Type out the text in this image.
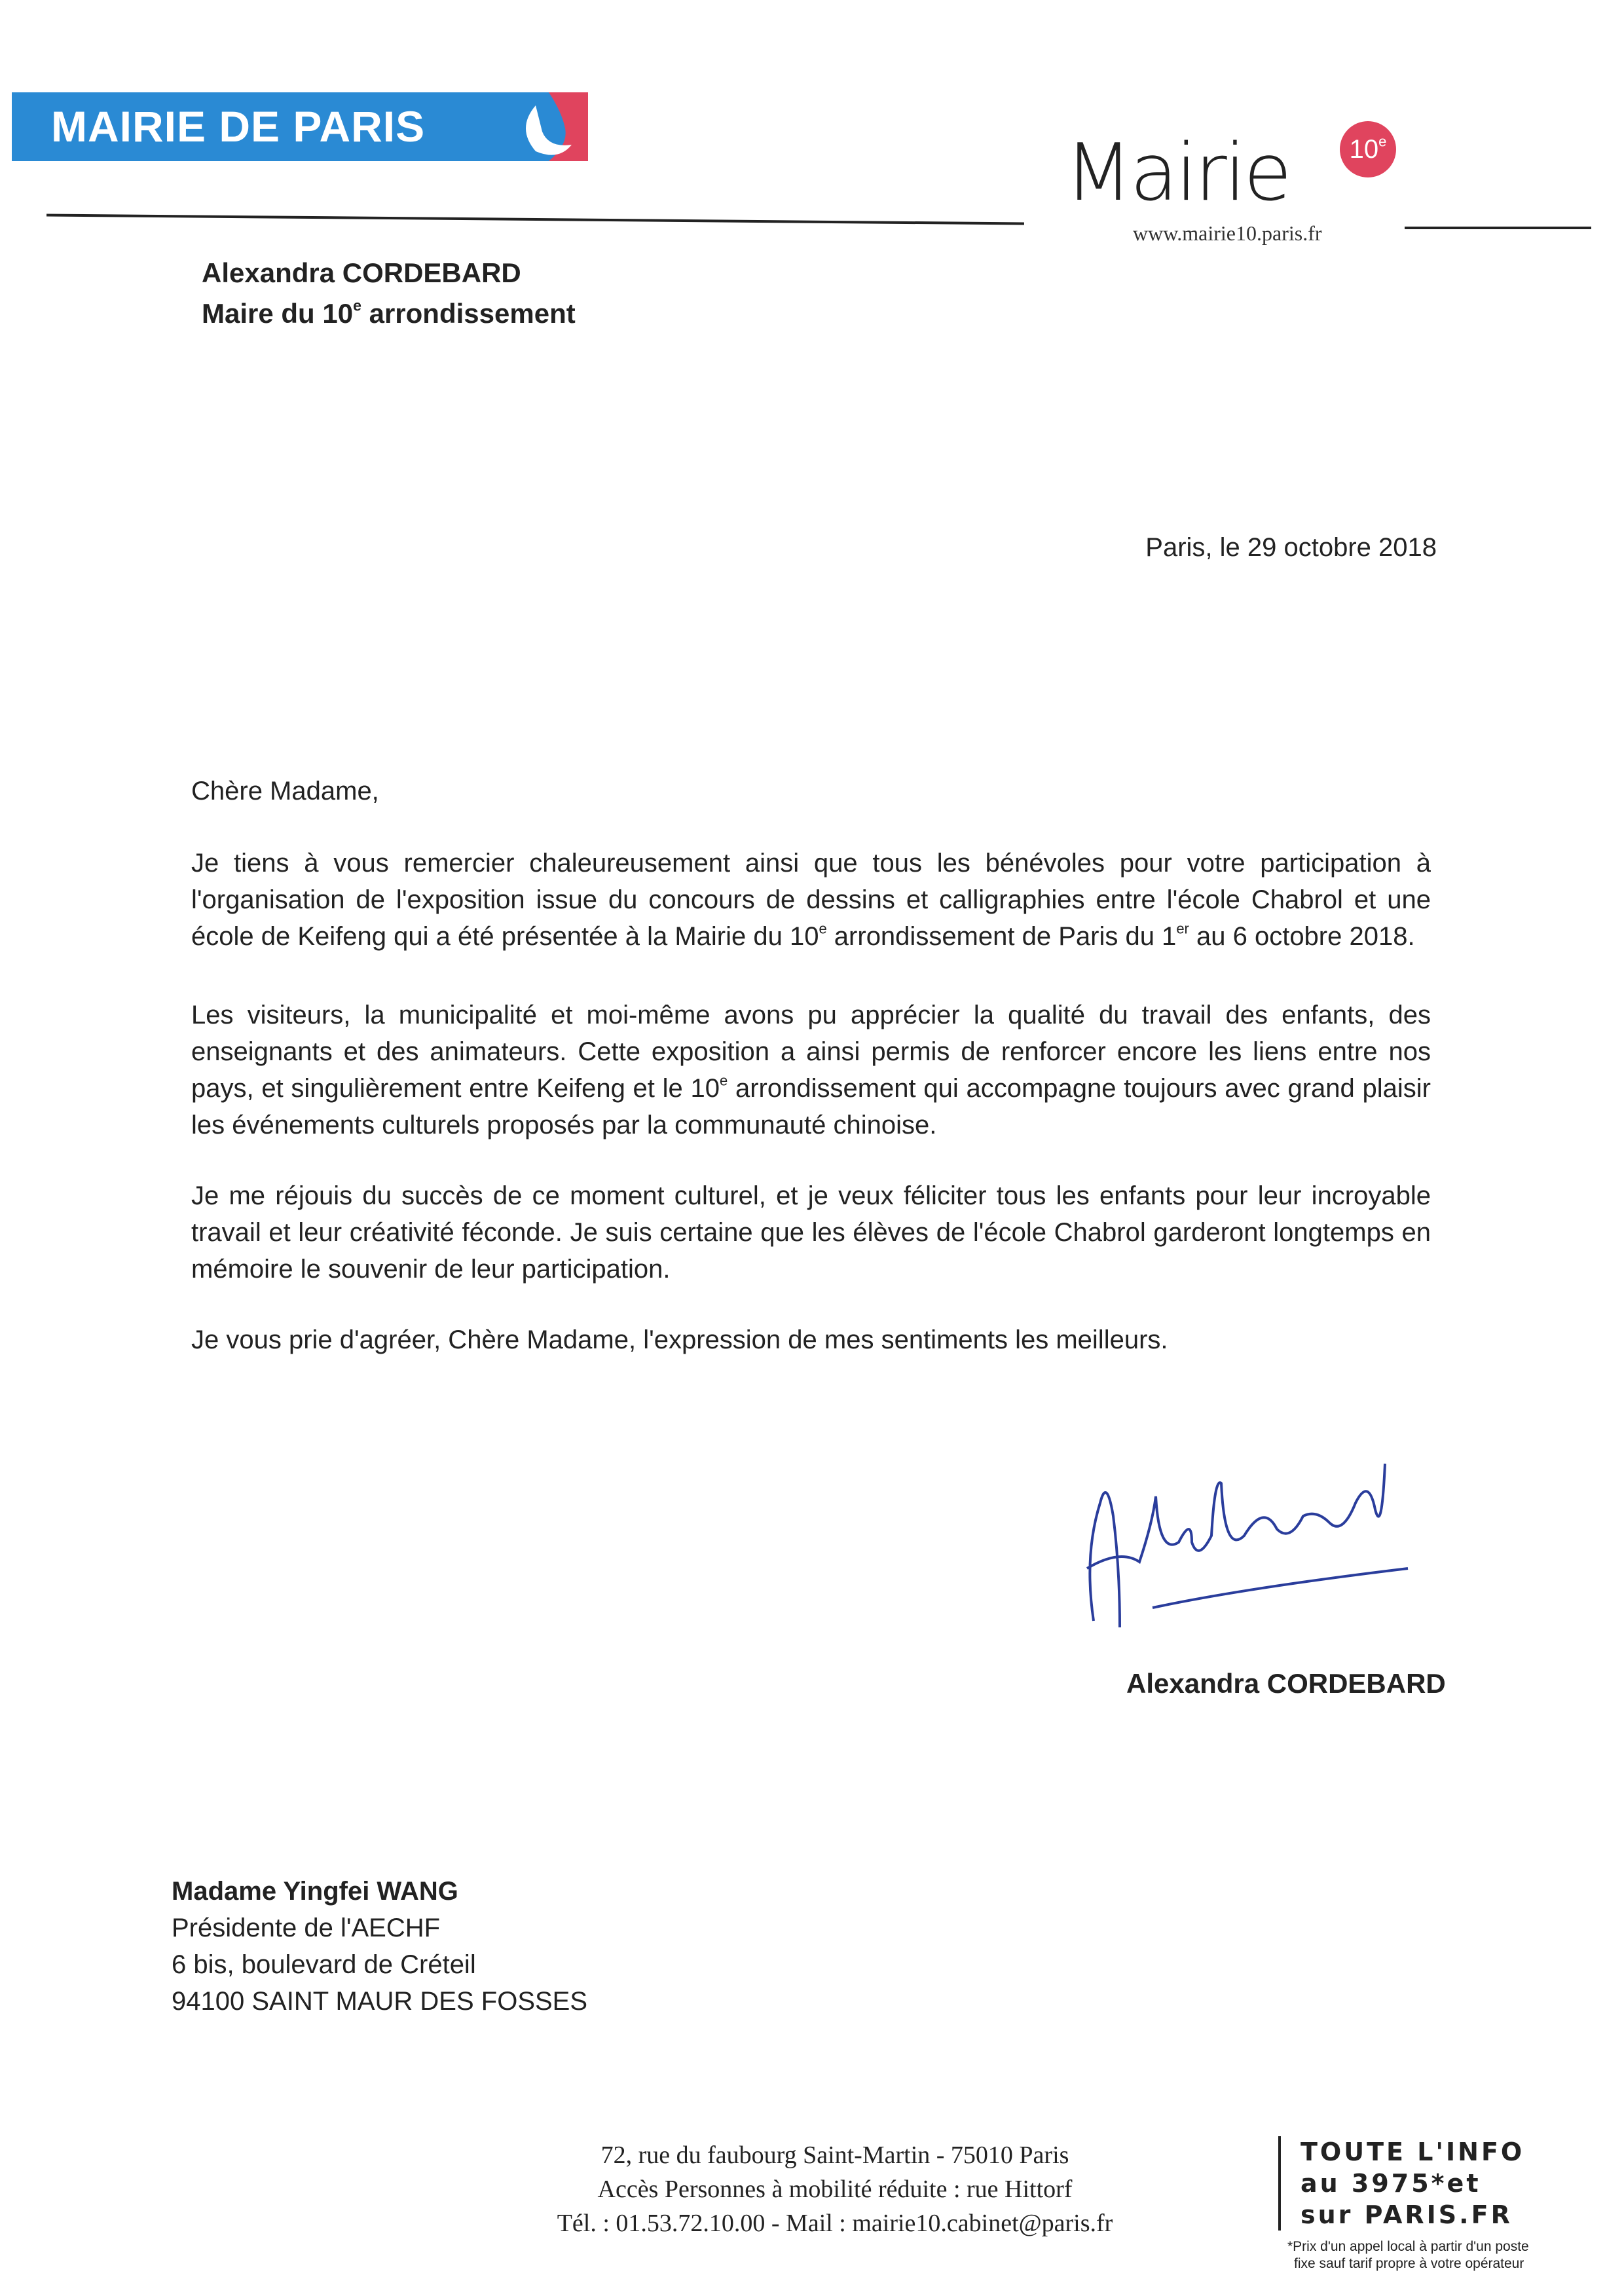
MAIRIE DE PARIS
Mairie	10e
www.mairie10.paris.fr
Alexandra CORDEBARD
Maire du 10e arrondissement
Paris, le 29 octobre 2018
Chère Madame,

Je tiens à vous remercier chaleureusement ainsi que tous les bénévoles pour votre participation à l'organisation de l'exposition issue du concours de dessins et calligraphies entre l'école Chabrol et une école de Keifeng qui a été présentée à la Mairie du 10e arrondissement de Paris du 1er au 6 octobre 2018.

Les visiteurs, la municipalité et moi-même avons pu apprécier la qualité du travail des enfants, des enseignants et des animateurs. Cette exposition a ainsi permis de renforcer encore les liens entre nos pays, et singulièrement entre Keifeng et le 10e arrondissement qui accompagne toujours avec grand plaisir les événements culturels proposés par la communauté chinoise.

Je me réjouis du succès de ce moment culturel, et je veux féliciter tous les enfants pour leur incroyable travail et leur créativité féconde. Je suis certaine que les élèves de l'école Chabrol garderont longtemps en mémoire le souvenir de leur participation.

Je vous prie d'agréer, Chère Madame, l'expression de mes sentiments les meilleurs.

Alexandra CORDEBARD
Madame Yingfei WANG
Présidente de l'AECHF
6 bis, boulevard de Créteil
94100 SAINT MAUR DES FOSSES
72, rue du faubourg Saint-Martin - 75010 Paris
Accès Personnes à mobilité réduite : rue Hittorf
Tél. : 01.53.72.10.00 - Mail : mairie10.cabinet@paris.fr
TOUTE L'INFO
au 3975*et
sur PARIS.FR
*Prix d'un appel local à partir d'un poste
fixe sauf tarif propre à votre opérateur
